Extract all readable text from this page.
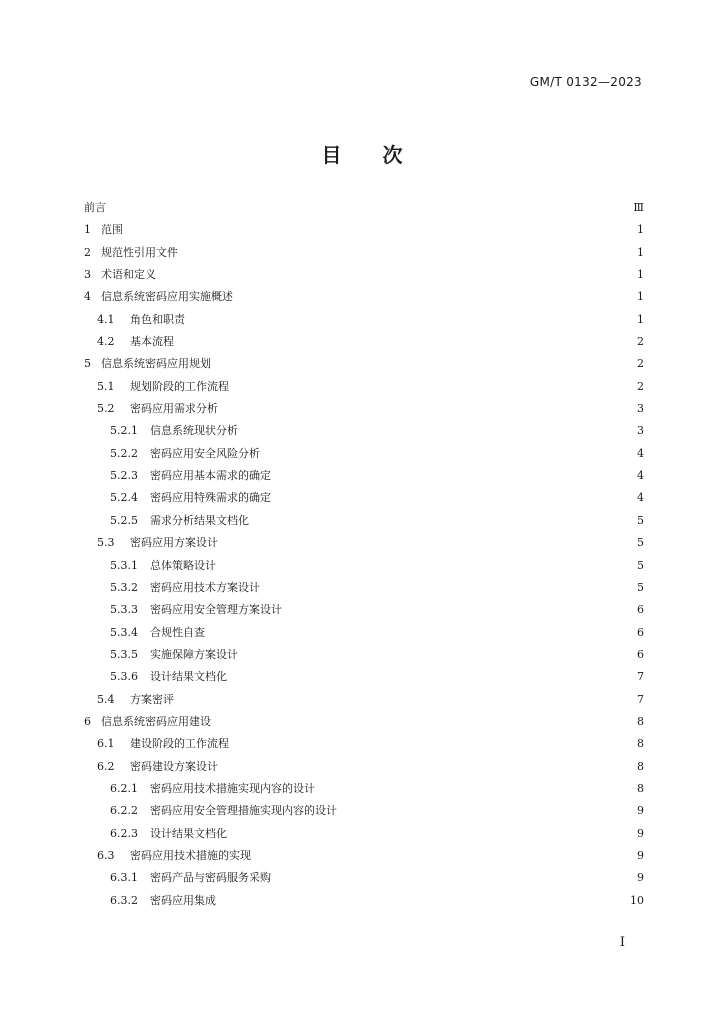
GM/T 0132—2023
目 次
前言	Ⅲ
1 范围	1
2 规范性引用文件	1
3 术语和定义	1
4 信息系统密码应用实施概述	1
4.1	角色和职责	1
4.2	基本流程	2
5 信息系统密码应用规划	2
5.1	规划阶段的工作流程	2
5.2	密码应用需求分析	3
5.2.1	信息系统现状分析	3
5.2.2	密码应用安全风险分析	4
5.2.3	密码应用基本需求的确定	4
5.2.4	密码应用特殊需求的确定	4
5.2.5	需求分析结果文档化	5
5.3	密码应用方案设计	5
5.3.1	总体策略设计	5
5.3.2	密码应用技术方案设计	5
5.3.3	密码应用安全管理方案设计	6
5.3.4	合规性自查	6
5.3.5	实施保障方案设计	6
5.3.6	设计结果文档化	7
5.4	方案密评	7
6 信息系统密码应用建设	8
6.1	建设阶段的工作流程	8
6.2	密码建设方案设计	8
6.2.1	密码应用技术措施实现内容的设计	8
6.2.2	密码应用安全管理措施实现内容的设计	9
6.2.3	设计结果文档化	9
6.3	密码应用技术措施的实现	9
6.3.1	密码产品与密码服务采购	9
6.3.2	密码应用集成	10
I
